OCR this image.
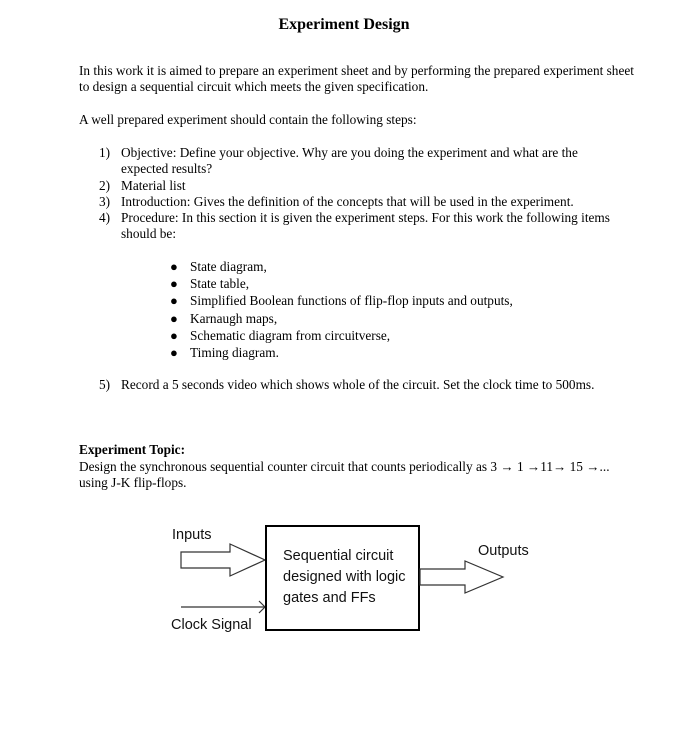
Experiment Design
In this work it is aimed to prepare an experiment sheet and by performing the prepared experiment sheet to design a sequential circuit which meets the given specification.
A well prepared experiment should contain the following steps:
1) Objective: Define your objective. Why are you doing the experiment and what are the expected results?
2) Material list
3) Introduction: Gives the definition of the concepts that will be used in the experiment.
4) Procedure: In this section it is given the experiment steps. For this work the following items should be:
● State diagram,
● State table,
● Simplified Boolean functions of flip-flop inputs and outputs,
● Karnaugh maps,
● Schematic diagram from circuitverse,
● Timing diagram.
5) Record a 5 seconds video which shows whole of the circuit. Set the clock time to 500ms.
Experiment Topic:
Design the synchronous sequential counter circuit that counts periodically as 3 → 1 →11→ 15 →... using J-K flip-flops.
Inputs
Clock Signal
Sequential circuit
designed with logic
gates and FFs
Outputs
